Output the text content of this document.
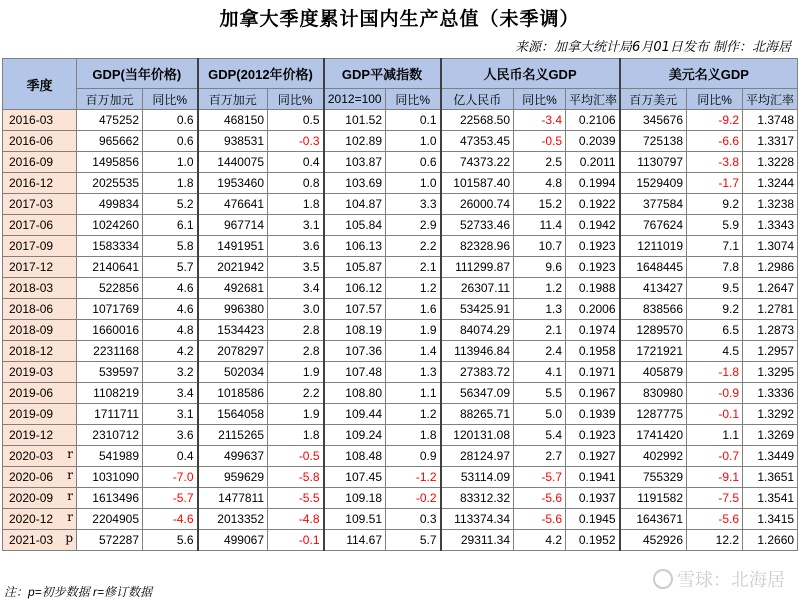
加拿大季度累计国内生产总值（未季调）
来源：加拿大统计局6月01日发布 制作：北海居
季度	GDP(当年价格)		GDP(2012年价格)		GDP平减指数		人民币名义GDP			美元名义GDP		
	百万加元	同比%	百万加元	同比%	2012=100	同比%	亿人民币	同比%	平均汇率	百万美元	同比%	平均汇率
2016-03	475252	0.6	468150	0.5	101.52	0.1	22568.50	-3.4	0.2106	345676	-9.2	1.3748
2016-06	965662	0.6	938531	-0.3	102.89	1.0	47353.45	-0.5	0.2039	725138	-6.6	1.3317
2016-09	1495856	1.0	1440075	0.4	103.87	0.6	74373.22	2.5	0.2011	1130797	-3.8	1.3228
2016-12	2025535	1.8	1953460	0.8	103.69	1.0	101587.40	4.8	0.1994	1529409	-1.7	1.3244
2017-03	499834	5.2	476641	1.8	104.87	3.3	26000.74	15.2	0.1922	377584	9.2	1.3238
2017-06	1024260	6.1	967714	3.1	105.84	2.9	52733.46	11.4	0.1942	767624	5.9	1.3343
2017-09	1583334	5.8	1491951	3.6	106.13	2.2	82328.96	10.7	0.1923	1211019	7.1	1.3074
2017-12	2140641	5.7	2021942	3.5	105.87	2.1	111299.87	9.6	0.1923	1648445	7.8	1.2986
2018-03	522856	4.6	492681	3.4	106.12	1.2	26307.11	1.2	0.1988	413427	9.5	1.2647
2018-06	1071769	4.6	996380	3.0	107.57	1.6	53425.91	1.3	0.2006	838566	9.2	1.2781
2018-09	1660016	4.8	1534423	2.8	108.19	1.9	84074.29	2.1	0.1974	1289570	6.5	1.2873
2018-12	2231168	4.2	2078297	2.8	107.36	1.4	113946.84	2.4	0.1958	1721921	4.5	1.2957
2019-03	539597	3.2	502034	1.9	107.48	1.3	27383.72	4.1	0.1971	405879	-1.8	1.3295
2019-06	1108219	3.4	1018586	2.2	108.80	1.1	56347.09	5.5	0.1967	830980	-0.9	1.3336
2019-09	1711711	3.1	1564058	1.9	109.44	1.2	88265.71	5.0	0.1939	1287775	-0.1	1.3292
2019-12	2310712	3.6	2115265	1.8	109.24	1.8	120131.08	5.4	0.1923	1741420	1.1	1.3269
2020-03 r	541989	0.4	499637	-0.5	108.48	0.9	28124.97	2.7	0.1927	402992	-0.7	1.3449
2020-06 r	1031090	-7.0	959629	-5.8	107.45	-1.2	53114.09	-5.7	0.1941	755329	-9.1	1.3651
2020-09 r	1613496	-5.7	1477811	-5.5	109.18	-0.2	83312.32	-5.6	0.1937	1191582	-7.5	1.3541
2020-12 r	2204905	-4.6	2013352	-4.8	109.51	0.3	113374.34	-5.6	0.1945	1643671	-5.6	1.3415
2021-03 p	572287	5.6	499067	-0.1	114.67	5.7	29311.34	4.2	0.1952	452926	12.2	1.2660
注：p=初步数据 r=修订数据
雪球：北海居
